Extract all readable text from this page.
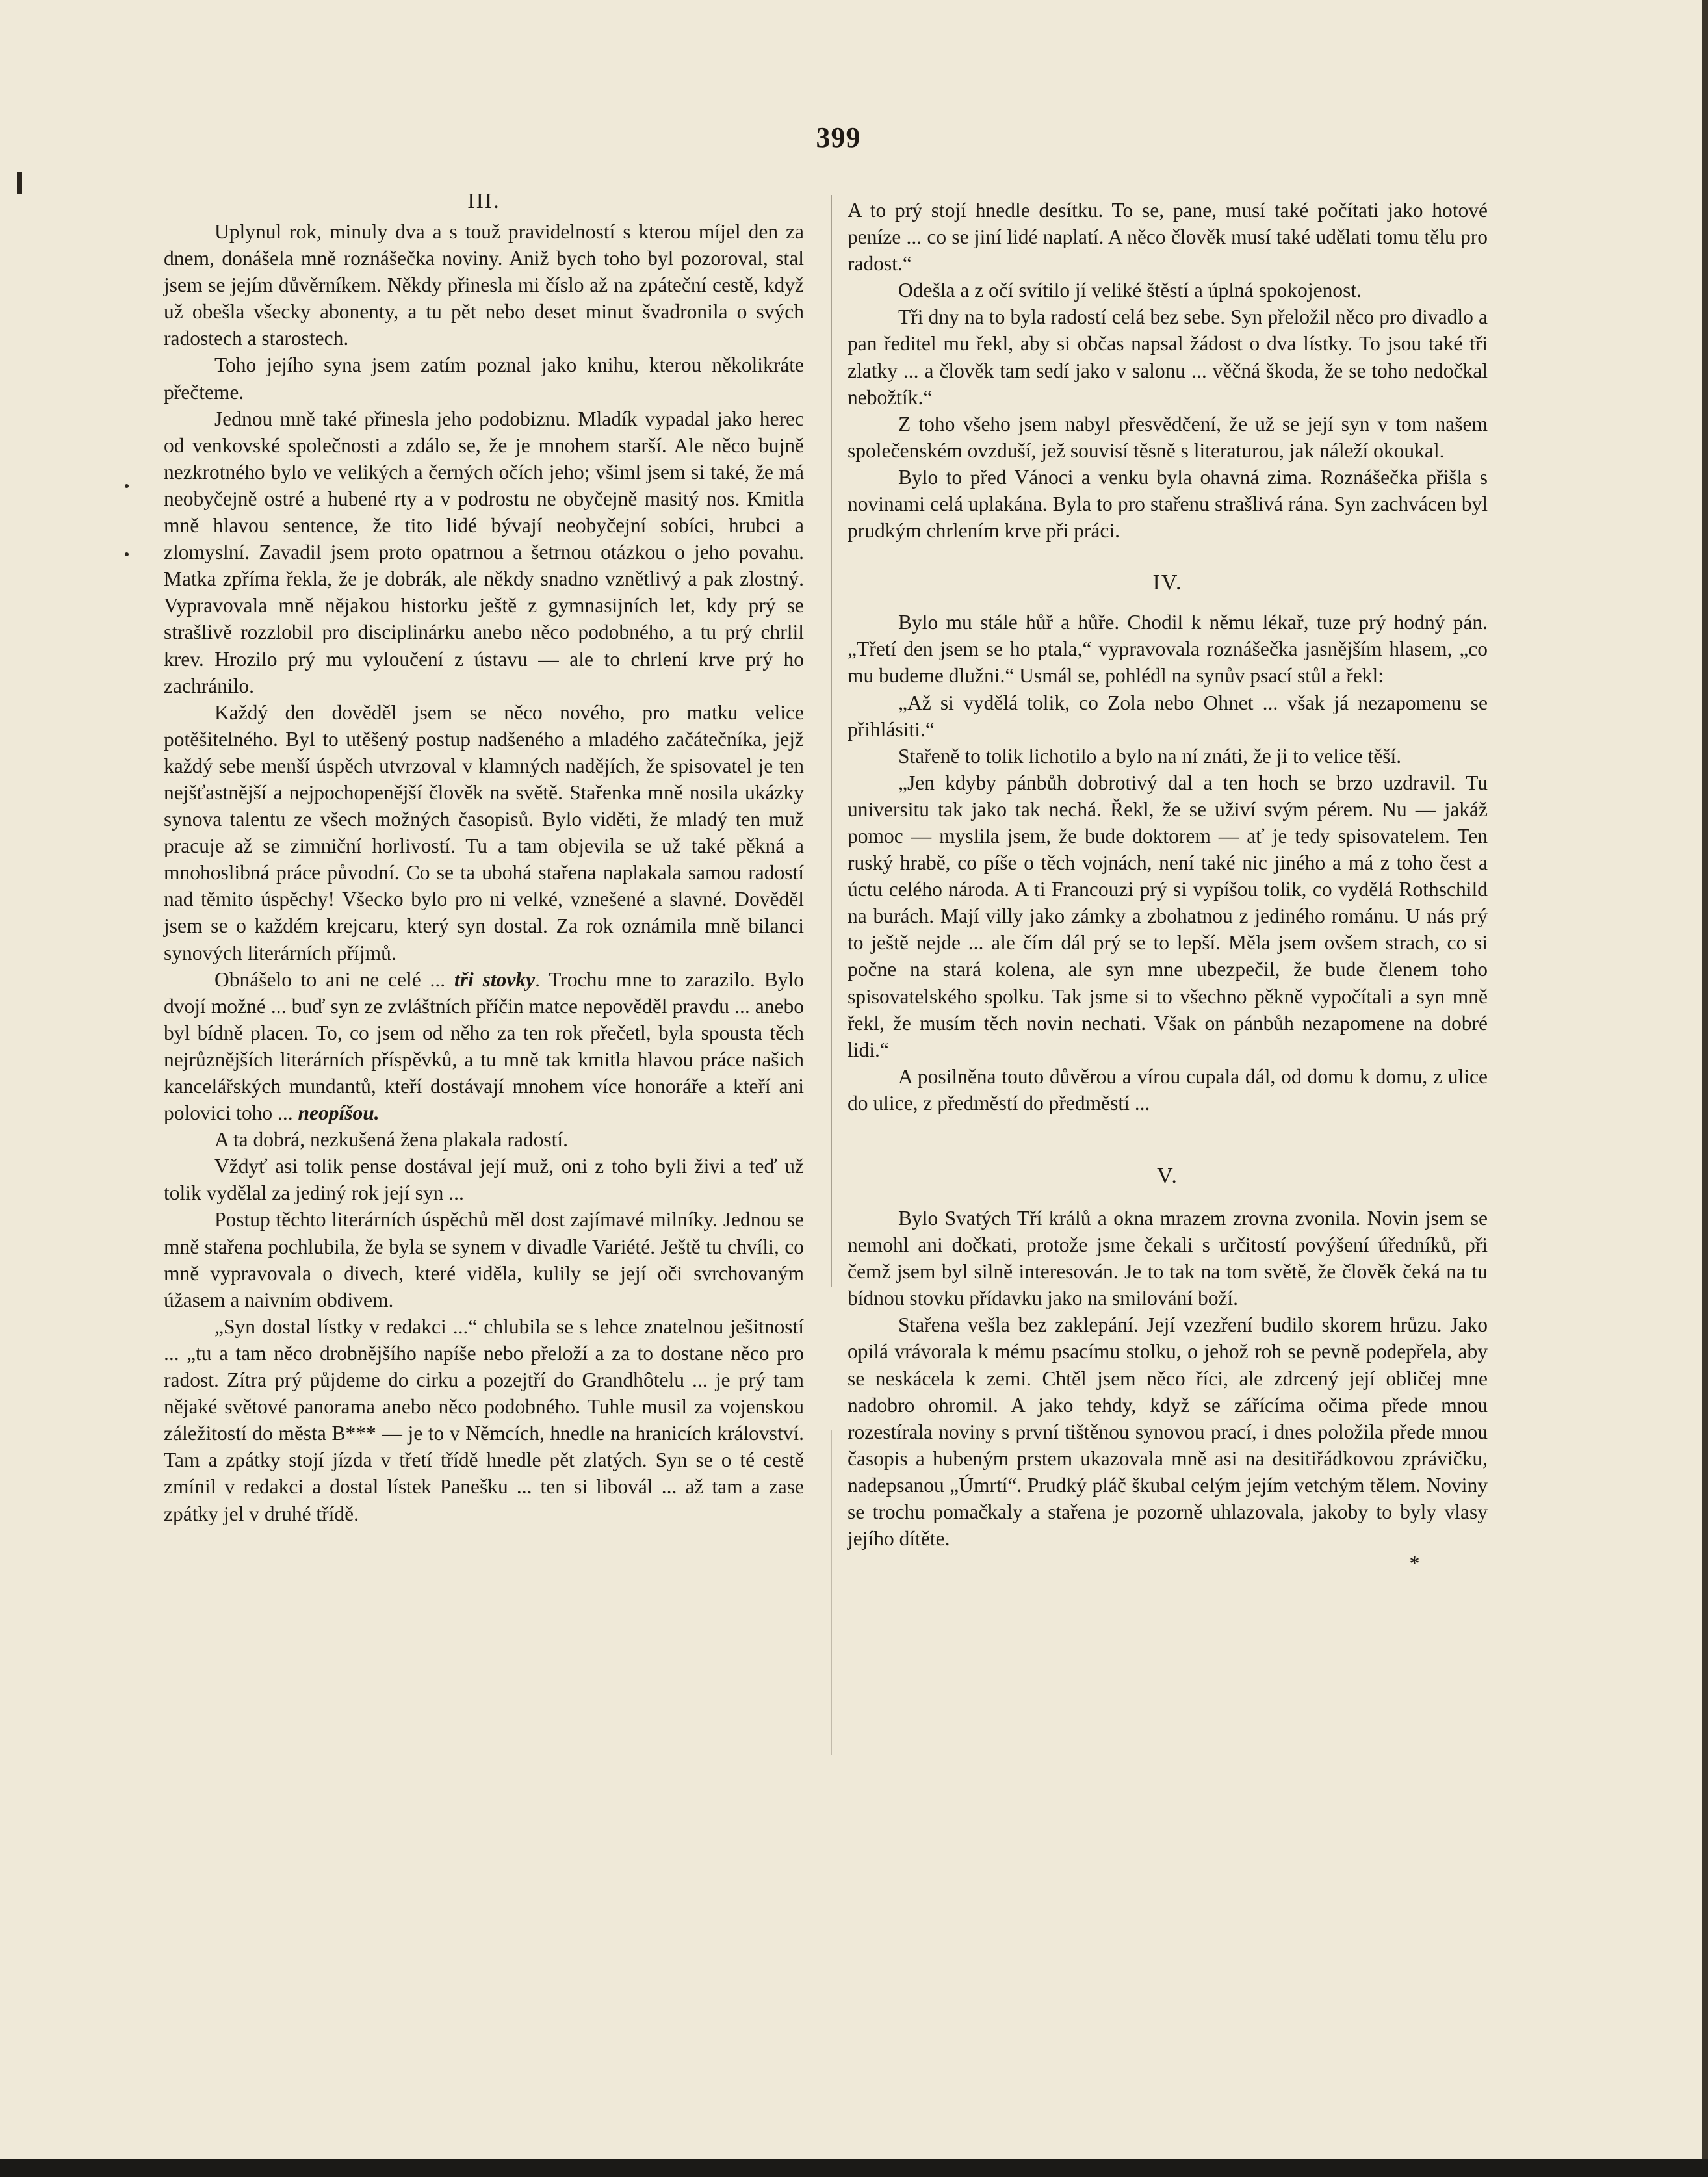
399
III.

Uplynul rok, minuly dva a s touž pravidelností s kterou míjel den za dnem, donášela mně roznášečka noviny. Aniž bych toho byl pozoroval, stal jsem se jejím důvěrníkem. Někdy přinesla mi číslo až na zpáteční cestě, když už obešla všecky abonenty, a tu pět nebo deset minut švadronila o svých radostech a starostech.

Toho jejího syna jsem zatím poznal jako knihu, kterou několikráte přečteme.

Jednou mně také přinesla jeho podobiznu. Mladík vypadal jako herec od venkovské společnosti a zdálo se, že je mnohem starší. Ale něco bujně nezkrotného bylo ve velikých a černých očích jeho; všiml jsem si také, že má neobyčejně ostré a hubené rty a v podrostu ne obyčejně masitý nos. Kmitla mně hlavou sentence, že tito lidé bývají neobyčejní sobíci, hrubci a zlomyslní. Zavadil jsem proto opatrnou a šetrnou otázkou o jeho povahu. Matka zpříma řekla, že je dobrák, ale někdy snadno vznětlivý a pak zlostný. Vypravovala mně nějakou historku ještě z gymnasijních let, kdy prý se strašlivě rozzlobil pro disciplinárku anebo něco podobného, a tu prý chrlil krev. Hrozilo prý mu vyloučení z ústavu — ale to chrlení krve prý ho zachránilo.

Každý den dověděl jsem se něco nového, pro matku velice potěšitelného. Byl to utěšený postup nadšeného a mladého začátečníka, jejž každý sebe menší úspěch utvrzoval v klamných nadějích, že spisovatel je ten nejšťastnější a nejpochopenější člověk na světě. Stařenka mně nosila ukázky synova talentu ze všech možných časopisů. Bylo viděti, že mladý ten muž pracuje až se zimniční horlivostí. Tu a tam objevila se už také pěkná a mnohoslibná práce původní. Co se ta ubohá stařena naplakala samou radostí nad těmito úspěchy! Všecko bylo pro ni velké, vznešené a slavné. Dověděl jsem se o každém krejcaru, který syn dostal. Za rok oznámila mně bilanci synových literárních příjmů.

Obnášelo to ani ne celé ... tři stovky. Trochu mne to zarazilo. Bylo dvojí možné ... buď syn ze zvláštních příčin matce nepověděl pravdu ... anebo byl bídně placen. To, co jsem od něho za ten rok přečetl, byla spousta těch nejrůznějších literárních příspěvků, a tu mně tak kmitla hlavou práce našich kancelářských mundantů, kteří dostávají mnohem více honoráře a kteří ani polovici toho ... neopíšou.

A ta dobrá, nezkušená žena plakala radostí.

Vždyť asi tolik pense dostával její muž, oni z toho byli živi a teď už tolik vydělal za jediný rok její syn ...

Postup těchto literárních úspěchů měl dost zajímavé milníky. Jednou se mně stařena pochlubila, že byla se synem v divadle Variété. Ještě tu chvíli, co mně vypravovala o divech, které viděla, kulily se její oči svrchovaným úžasem a naivním obdivem.

„Syn dostal lístky v redakci ...“ chlubila se s lehce znatelnou ješitností ... „tu a tam něco drobnějšího napíše nebo přeloží a za to dostane něco pro radost. Zítra prý půjdeme do cirku a pozejtří do Grandhôtelu ... je prý tam nějaké světové panorama anebo něco podobného. Tuhle musil za vojenskou záležitostí do města B*** — je to v Němcích, hnedle na hranicích království. Tam a zpátky stojí jízda v třetí třídě hnedle pět zlatých. Syn se o té cestě zmínil v redakci a dostal lístek Panešku ... ten si libovál ... až tam a zase zpátky jel v druhé třídě.

A to prý stojí hnedle desítku. To se, pane, musí také počítati jako hotové peníze ... co se jiní lidé naplatí. A něco člověk musí také udělati tomu tělu pro radost.“

Odešla a z očí svítilo jí veliké štěstí a úplná spokojenost.

Tři dny na to byla radostí celá bez sebe. Syn přeložil něco pro divadlo a pan ředitel mu řekl, aby si občas napsal žádost o dva lístky. To jsou také tři zlatky ... a člověk tam sedí jako v salonu ... věčná škoda, že se toho nedočkal nebožtík.“

Z toho všeho jsem nabyl přesvědčení, že už se její syn v tom našem společenském ovzduší, jež souvisí těsně s literaturou, jak náleží okoukal.

Bylo to před Vánoci a venku byla ohavná zima. Roznášečka přišla s novinami celá uplakána. Byla to pro stařenu strašlivá rána. Syn zachvácen byl prudkým chrlením krve při práci.

IV.

Bylo mu stále hůř a hůře. Chodil k němu lékař, tuze prý hodný pán. „Třetí den jsem se ho ptala,“ vypravovala roznášečka jasnějším hlasem, „co mu budeme dlužni.“ Usmál se, pohlédl na synův psací stůl a řekl:

„Až si vydělá tolik, co Zola nebo Ohnet ... však já nezapomenu se přihlásiti.“

Stařeně to tolik lichotilo a bylo na ní znáti, že ji to velice těší.

„Jen kdyby pánbůh dobrotivý dal a ten hoch se brzo uzdravil. Tu universitu tak jako tak nechá. Řekl, že se uživí svým pérem. Nu — jakáž pomoc — myslila jsem, že bude doktorem — ať je tedy spisovatelem. Ten ruský hrabě, co píše o těch vojnách, není také nic jiného a má z toho čest a úctu celého národa. A ti Francouzi prý si vypíšou tolik, co vydělá Rothschild na burách. Mají villy jako zámky a zbohatnou z jediného románu. U nás prý to ještě nejde ... ale čím dál prý se to lepší. Měla jsem ovšem strach, co si počne na stará kolena, ale syn mne ubezpečil, že bude členem toho spisovatelského spolku. Tak jsme si to všechno pěkně vypočítali a syn mně řekl, že musím těch novin nechati. Však on pánbůh nezapomene na dobré lidi.“

A posilněna touto důvěrou a vírou cupala dál, od domu k domu, z ulice do ulice, z předměstí do předměstí ...

V.

Bylo Svatých Tří králů a okna mrazem zrovna zvonila. Novin jsem se nemohl ani dočkati, protože jsme čekali s určitostí povýšení úředníků, při čemž jsem byl silně interesován. Je to tak na tom světě, že člověk čeká na tu bídnou stovku přídavku jako na smilování boží.

Stařena vešla bez zaklepání. Její vzezření budilo skorem hrůzu. Jako opilá vrávorala k mému psacímu stolku, o jehož roh se pevně podepřela, aby se neskácela k zemi. Chtěl jsem něco říci, ale zdrcený její obličej mne nadobro ohromil. A jako tehdy, když se zářícíma očima přede mnou rozestírala noviny s první tištěnou synovou prací, i dnes položila přede mnou časopis a hubeným prstem ukazovala mně asi na desitiřádkovou zprávičku, nadepsanou „Úmrtí“. Prudký pláč škubal celým jejím vetchým tělem. Noviny se trochu pomačkaly a stařena je pozorně uhlazovala, jakoby to byly vlasy jejího dítěte.

*
